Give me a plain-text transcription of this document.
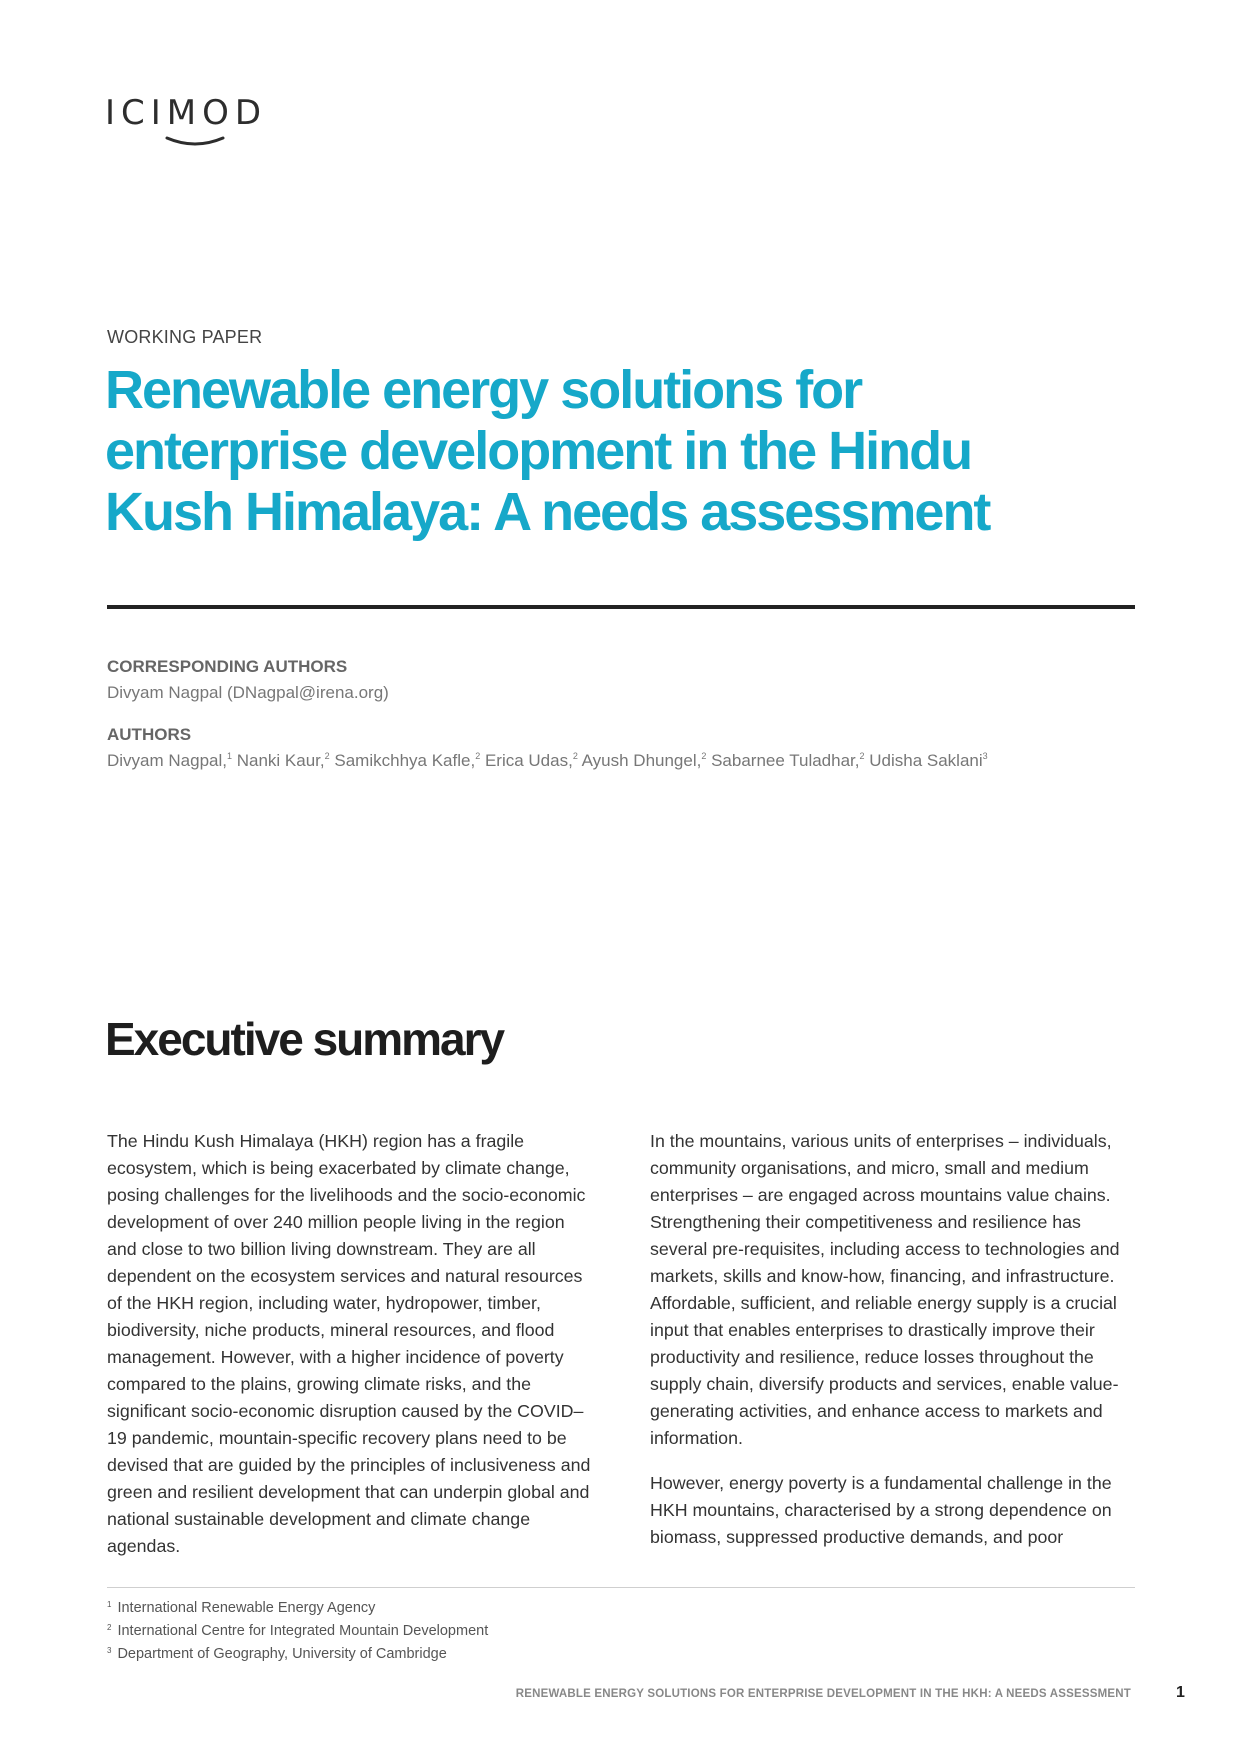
ICIMOD
WORKING PAPER
Renewable energy solutions for enterprise development in the Hindu Kush Himalaya: A needs assessment
CORRESPONDING AUTHORS
Divyam Nagpal (DNagpal@irena.org)
AUTHORS
Divyam Nagpal,$^1$ Nanki Kaur,$^2$ Samikchhya Kafle,$^2$ Erica Udas,$^2$ Ayush Dhungel,$^2$ Sabarnee Tuladhar,$^2$ Udisha Saklani$^3$
Executive summary

The Hindu Kush Himalaya (HKH) region has a fragile ecosystem, which is being exacerbated by climate change, posing challenges for the livelihoods and the socio-economic development of over 240 million people living in the region and close to two billion living downstream. They are all dependent on the ecosystem services and natural resources of the HKH region, including water, hydropower, timber, biodiversity, niche products, mineral resources, and flood management. However, with a higher incidence of poverty compared to the plains, growing climate risks, and the significant socio-economic disruption caused by the COVID–19 pandemic, mountain-specific recovery plans need to be devised that are guided by the principles of inclusiveness and green and resilient development that can underpin global and national sustainable development and climate change agendas.

In the mountains, various units of enterprises – individuals, community organisations, and micro, small and medium enterprises – are engaged across mountains value chains. Strengthening their competitiveness and resilience has several pre-requisites, including access to technologies and markets, skills and know-how, financing, and infrastructure. Affordable, sufficient, and reliable energy supply is a crucial input that enables enterprises to drastically improve their productivity and resilience, reduce losses throughout the supply chain, diversify products and services, enable value-generating activities, and enhance access to markets and information.

However, energy poverty is a fundamental challenge in the HKH mountains, characterised by a strong dependence on biomass, suppressed productive demands, and poor

$^1$ International Renewable Energy Agency
$^2$ International Centre for Integrated Mountain Development
$^3$ Department of Geography, University of Cambridge
RENEWABLE ENERGY SOLUTIONS FOR ENTERPRISE DEVELOPMENT IN THE HKH: A NEEDS ASSESSMENT	1
